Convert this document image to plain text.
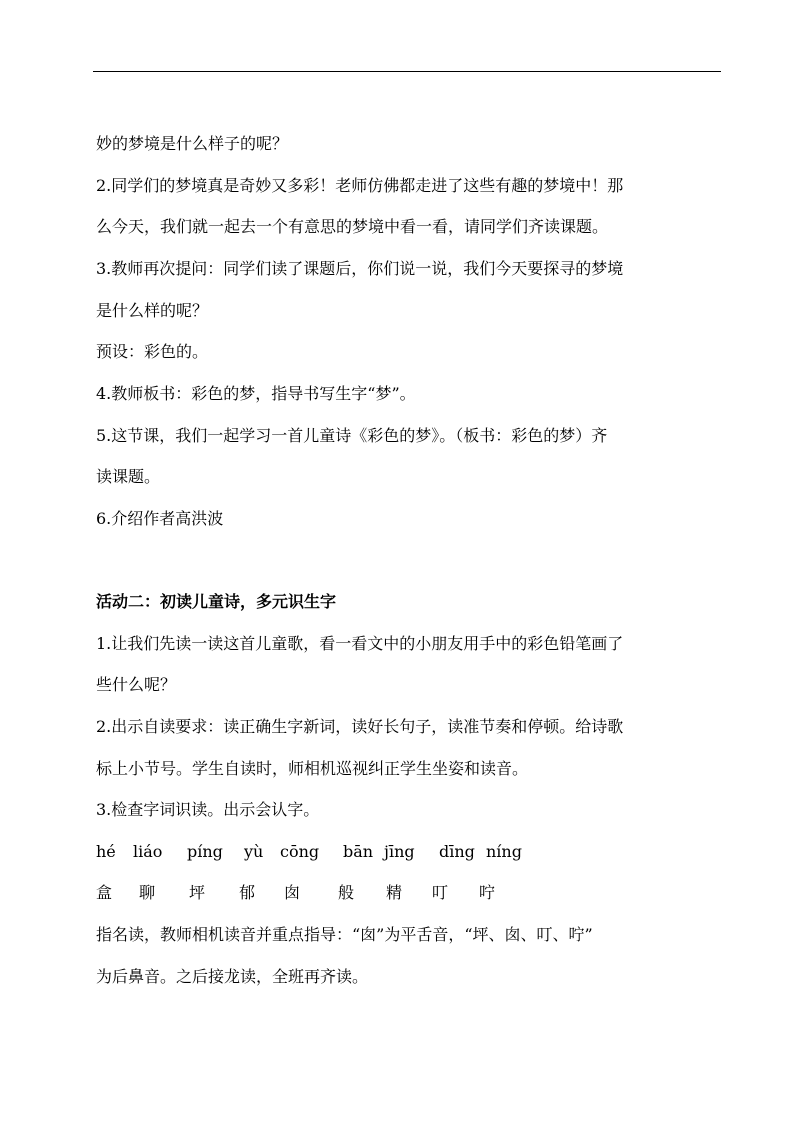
妙的梦境是什么样子的呢？
2.同学们的梦境真是奇妙又多彩！老师仿佛都走进了这些有趣的梦境中！那
么今天，我们就一起去一个有意思的梦境中看一看，请同学们齐读课题。
3.教师再次提问：同学们读了课题后，你们说一说，我们今天要探寻的梦境
是什么样的呢？
预设：彩色的。
4.教师板书：彩色的梦，指导书写生字“梦”。
5.这节课，我们一起学习一首儿童诗《彩色的梦》。（板书：彩色的梦）齐
读课题。
6.介绍作者高洪波
活动二：初读儿童诗，多元识生字
1.让我们先读一读这首儿童歌，看一看文中的小朋友用手中的彩色铅笔画了
些什么呢？
2.出示自读要求：读正确生字新词，读好长句子，读准节奏和停顿。给诗歌
标上小节号。学生自读时，师相机巡视纠正学生坐姿和读音。
3.检查字词识读。出示会认字。
hé liáo píng yù cōng bān jīng dīng níng
盒 聊 坪 郁 囱 般 精 叮 咛
指名读，教师相机读音并重点指导：“囱”为平舌音，“坪、囱、叮、咛”
为后鼻音。之后接龙读，全班再齐读。
